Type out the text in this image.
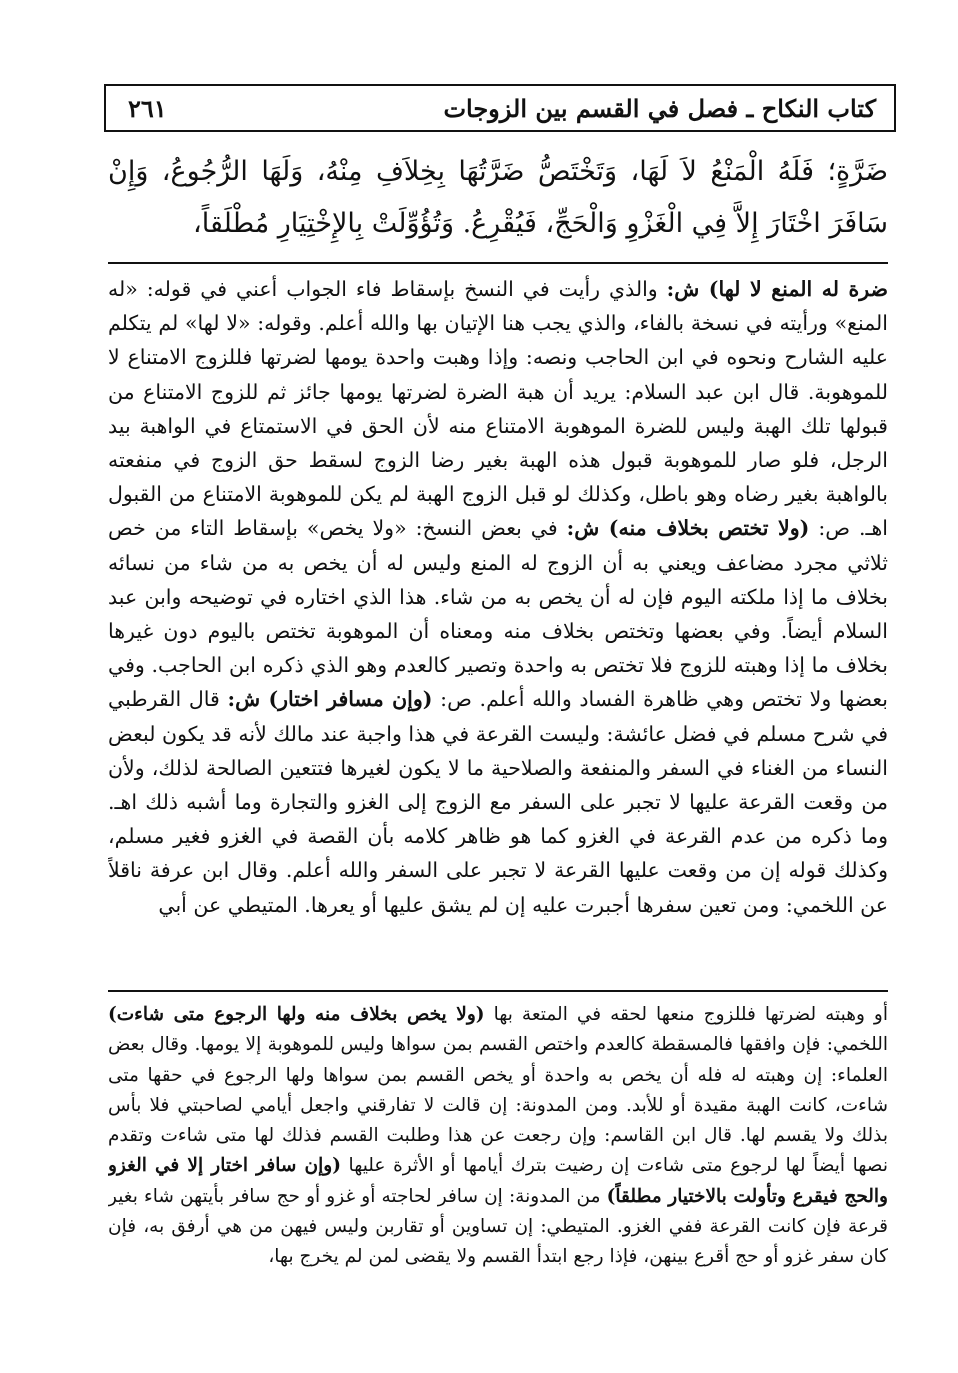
كتاب النكاح ـ فصل في القسم بين الزوجات
٢٦١
ضَرَّةٍ؛ فَلَهُ الْمَنْعُ لاَ لَهَا، وَتَخْتَصُّ ضَرَّتُهَا بِخِلاَفِ مِنْهُ، وَلَهَا الرُّجُوعُ، وَإِنْ سَافَرَ اخْتَارَ إِلاَّ فِي الْغَزْوِ وَالْحَجِّ، فَيُقْرِعُ. وَتُؤُوِّلَتْ بِالإِخْتِيَارِ مُطْلَقاً،
ضرة له المنع لا لها) ش: والذي رأيت في النسخ بإسقاط فاء الجواب أعني في قوله: «له المنع» ورأيته في نسخة بالفاء، والذي يجب هنا الإتيان بها والله أعلم. وقوله: «لا لها» لم يتكلم عليه الشارح ونحوه في ابن الحاجب ونصه: وإذا وهبت واحدة يومها لضرتها فللزوج الامتناع لا للموهوبة. قال ابن عبد السلام: يريد أن هبة الضرة لضرتها يومها جائز ثم للزوج الامتناع من قبولها تلك الهبة وليس للضرة الموهوبة الامتناع منه لأن الحق في الاستمتاع في الواهبة بيد الرجل، فلو صار للموهوبة قبول هذه الهبة بغير رضا الزوج لسقط حق الزوج في منفعته بالواهبة بغير رضاه وهو باطل، وكذلك لو قبل الزوج الهبة لم يكن للموهوبة الامتناع من القبول اهـ. ص: (ولا تختص بخلاف منه) ش: في بعض النسخ: «ولا يخص» بإسقاط التاء من خص ثلاثي مجرد مضاعف ويعني به أن الزوج له المنع وليس له أن يخص به من شاء من نسائه بخلاف ما إذا ملكته اليوم فإن له أن يخص به من شاء. هذا الذي اختاره في توضيحه وابن عبد السلام أيضاً. وفي بعضها وتختص بخلاف منه ومعناه أن الموهوبة تختص باليوم دون غيرها بخلاف ما إذا وهبته للزوج فلا تختص به واحدة وتصير كالعدم وهو الذي ذكره ابن الحاجب. وفي بعضها ولا تختص وهي ظاهرة الفساد والله أعلم. ص: (وإن مسافر اختار) ش: قال القرطبي في شرح مسلم في فضل عائشة: وليست القرعة في هذا واجبة عند مالك لأنه قد يكون لبعض النساء من الغناء في السفر والمنفعة والصلاحية ما لا يكون لغيرها فتتعين الصالحة لذلك، ولأن من وقعت القرعة عليها لا تجبر على السفر مع الزوج إلى الغزو والتجارة وما أشبه ذلك اهـ. وما ذكره من عدم القرعة في الغزو كما هو ظاهر كلامه بأن القصة في الغزو فغير مسلم، وكذلك قوله إن من وقعت عليها القرعة لا تجبر على السفر والله أعلم. وقال ابن عرفة ناقلاً عن اللخمي: ومن تعين سفرها أجبرت عليه إن لم يشق عليها أو يعرها. المتيطي عن أبي
أو وهبته لضرتها فللزوج منعها لحقه في المتعة بها (ولا يخص بخلاف منه ولها الرجوع متى شاءت) اللخمي: فإن وافقها فالمسقطة كالعدم واختص القسم بمن سواها وليس للموهوبة إلا يومها. وقال بعض العلماء: إن وهبته له فله أن يخص به واحدة أو يخص القسم بمن سواها ولها الرجوع في حقها متى شاءت، كانت الهبة مقيدة أو للأبد. ومن المدونة: إن قالت لا تفارقني واجعل أيامي لصاحبتي فلا بأس بذلك ولا يقسم لها. قال ابن القاسم: وإن رجعت عن هذا وطلبت القسم فذلك لها متى شاءت وتقدم نصها أيضاً لها لرجوع متى شاءت إن رضيت بترك أيامها أو الأثرة عليها (وإن سافر اختار إلا في الغزو والحج فيقرع وتأولت بالاختيار مطلقاً) من المدونة: إن سافر لحاجته أو غزو أو حج سافر بأيتهن شاء بغير قرعة فإن كانت القرعة ففي الغزو. المتيطي: إن تساوين أو تقاربن وليس فيهن من هي أرفق به، فإن كان سفر غزو أو حج أقرع بينهن، فإذا رجع ابتدأ القسم ولا يقضى لمن لم يخرج بها،
